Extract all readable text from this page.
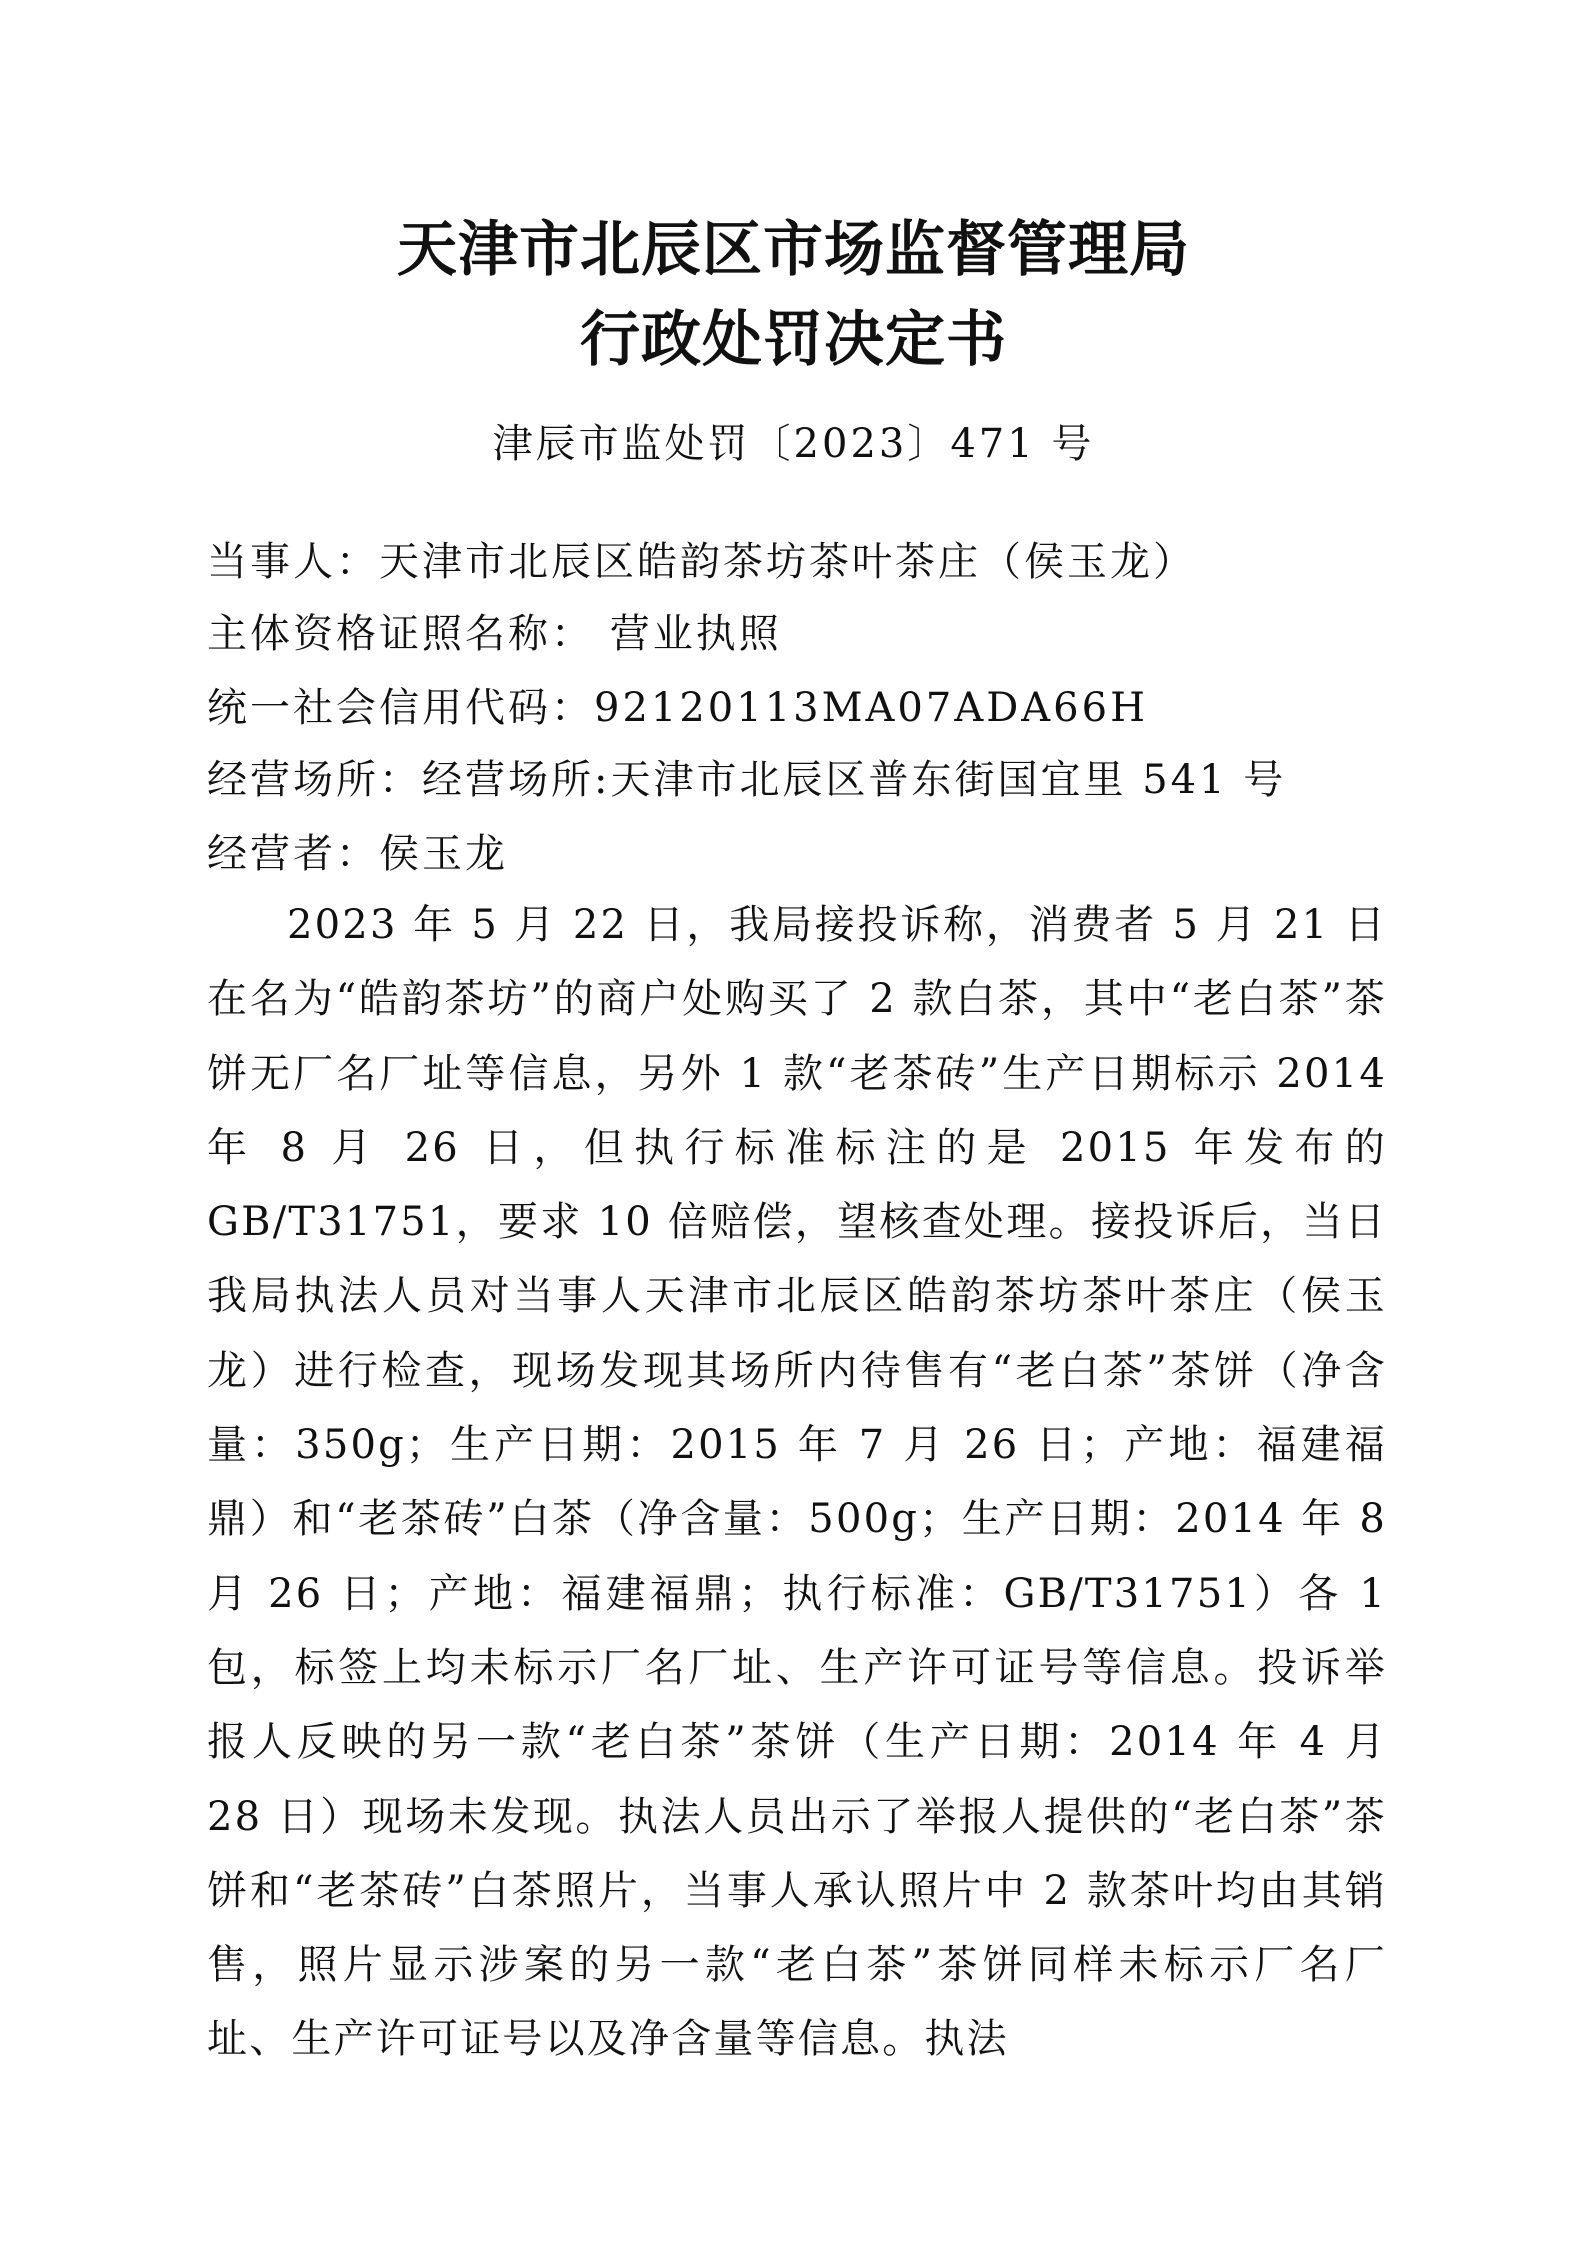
天津市北辰区市场监督管理局
行政处罚决定书
津辰市监处罚〔2023〕471 号
当事人：天津市北辰区皓韵茶坊茶叶茶庄（侯玉龙）
主体资格证照名称： 营业执照
统一社会信用代码：92120113MA07ADA66H
经营场所：经营场所:天津市北辰区普东街国宜里 541 号
经营者：侯玉龙

2023 年 5 月 22 日，我局接投诉称，消费者 5 月 21 日在名为“皓韵茶坊”的商户处购买了 2 款白茶，其中“老白茶”茶饼无厂名厂址等信息，另外 1 款“老茶砖”生产日期标示 2014 年 8 月 26 日，但执行标准标注的是 2015 年发布的 GB/T31751，要求 10 倍赔偿，望核查处理。接投诉后，当日我局执法人员对当事人天津市北辰区皓韵茶坊茶叶茶庄（侯玉龙）进行检查，现场发现其场所内待售有“老白茶”茶饼（净含量：350g；生产日期：2015 年 7 月 26 日；产地：福建福鼎）和“老茶砖”白茶（净含量：500g；生产日期：2014 年 8 月 26 日；产地：福建福鼎；执行标准：GB/T31751）各 1 包，标签上均未标示厂名厂址、生产许可证号等信息。投诉举报人反映的另一款“老白茶”茶饼（生产日期：2014 年 4 月 28 日）现场未发现。执法人员出示了举报人提供的“老白茶”茶饼和“老茶砖”白茶照片，当事人承认照片中 2 款茶叶均由其销售，照片显示涉案的另一款“老白茶”茶饼同样未标示厂名厂址、生产许可证号以及净含量等信息。执法
